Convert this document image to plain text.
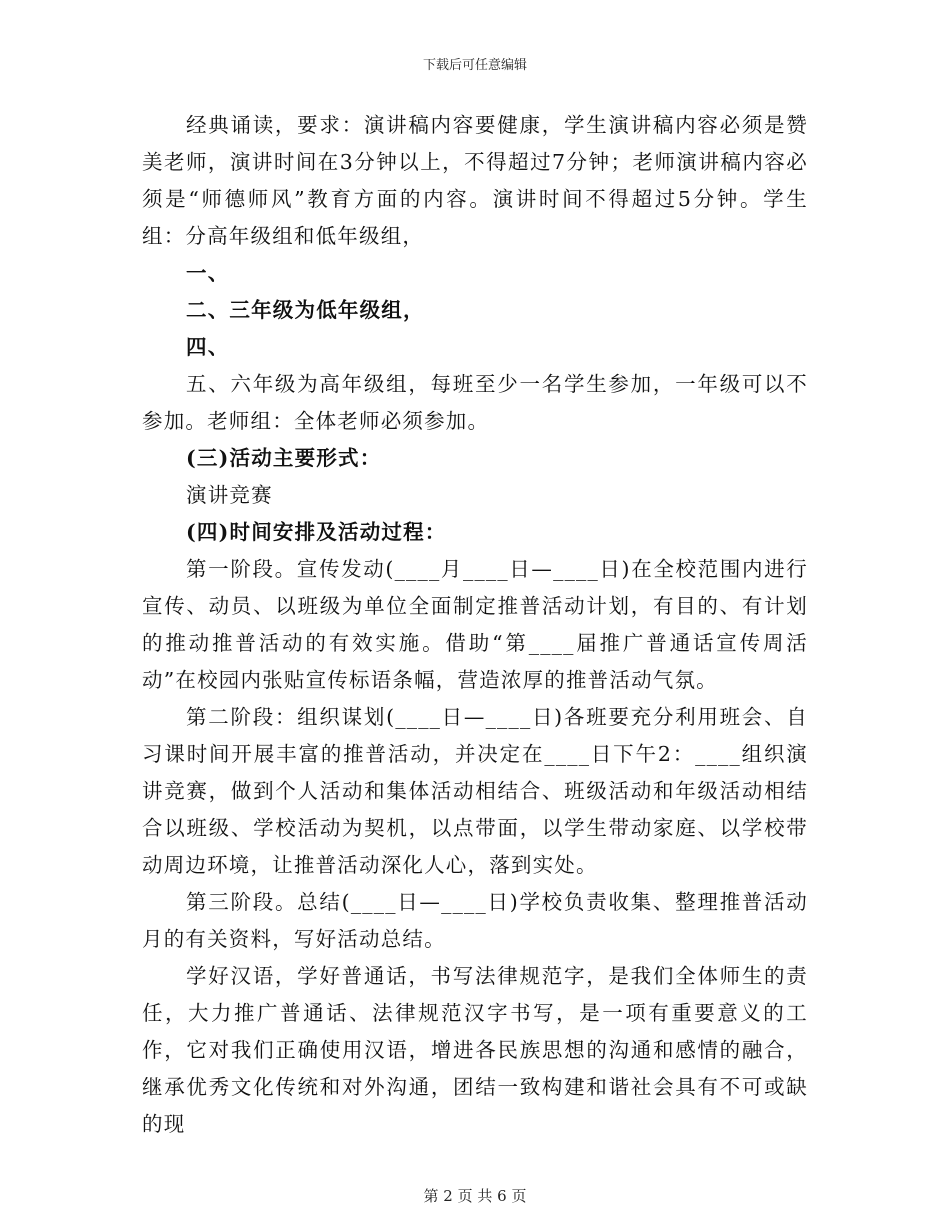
下载后可任意编辑

经典诵读，要求：演讲稿内容要健康，学生演讲稿内容必须是赞美老师，演讲时间在3分钟以上，不得超过7分钟；老师演讲稿内容必须是“师德师风”教育方面的内容。演讲时间不得超过5分钟。学生组：分高年级组和低年级组，

一、

二、三年级为低年级组，

四、

五、六年级为高年级组，每班至少一名学生参加，一年级可以不参加。老师组：全体老师必须参加。

(三)活动主要形式：

演讲竞赛

(四)时间安排及活动过程：

第一阶段。宣传发动(____月____日—____日)在全校范围内进行宣传、动员、以班级为单位全面制定推普活动计划，有目的、有计划的推动推普活动的有效实施。借助“第____届推广普通话宣传周活动”在校园内张贴宣传标语条幅，营造浓厚的推普活动气氛。

第二阶段：组织谋划(____日—____日)各班要充分利用班会、自习课时间开展丰富的推普活动，并决定在____日下午2：____组织演讲竞赛，做到个人活动和集体活动相结合、班级活动和年级活动相结合以班级、学校活动为契机，以点带面，以学生带动家庭、以学校带动周边环境，让推普活动深化人心，落到实处。

第三阶段。总结(____日—____日)学校负责收集、整理推普活动月的有关资料，写好活动总结。

学好汉语，学好普通话，书写法律规范字，是我们全体师生的责任，大力推广普通话、法律规范汉字书写，是一项有重要意义的工作，它对我们正确使用汉语，增进各民族思想的沟通和感情的融合，继承优秀文化传统和对外沟通，团结一致构建和谐社会具有不可或缺的现

第 2 页 共 6 页
